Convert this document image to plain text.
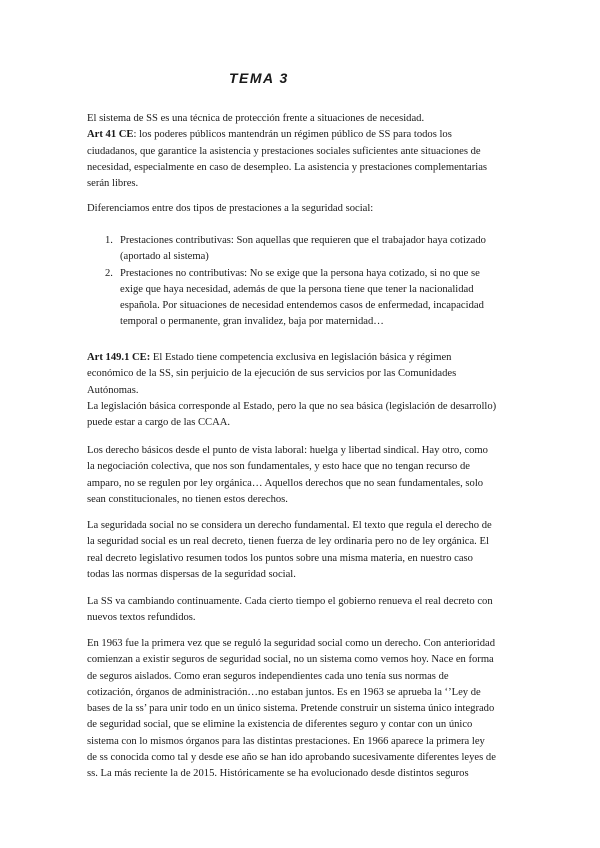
TEMA 3
El sistema de SS es una técnica de protección frente a situaciones de necesidad.
Art 41 CE: los poderes públicos mantendrán un régimen público de SS para todos los
ciudadanos, que garantice la asistencia y prestaciones sociales suficientes ante situaciones de
necesidad, especialmente en caso de desempleo. La asistencia y prestaciones complementarias
serán libres.
Diferenciamos entre dos tipos de prestaciones a la seguridad social:
1. Prestaciones contributivas: Son aquellas que requieren que el trabajador haya cotizado
(aportado al sistema)
2. Prestaciones no contributivas: No se exige que la persona haya cotizado, si no que se
exige que haya necesidad, además de que la persona tiene que tener la nacionalidad
española. Por situaciones de necesidad entendemos casos de enfermedad, incapacidad
temporal o permanente, gran invalidez, baja por maternidad…
Art 149.1 CE: El Estado tiene competencia exclusiva en legislación básica y régimen
económico de la SS, sin perjuicio de la ejecución de sus servicios por las Comunidades
Autónomas.
La legislación básica corresponde al Estado, pero la que no sea básica (legislación de desarrollo)
puede estar a cargo de las CCAA.
Los derecho básicos desde el punto de vista laboral: huelga y libertad sindical. Hay otro, como
la negociación colectiva, que nos son fundamentales, y esto hace que no tengan recurso de
amparo, no se regulen por ley orgánica… Aquellos derechos que no sean fundamentales, solo
sean constitucionales, no tienen estos derechos.
La seguridada social no se considera un derecho fundamental. El texto que regula el derecho de
la seguridad social es un real decreto, tienen fuerza de ley ordinaria pero no de ley orgánica. El
real decreto legislativo resumen todos los puntos sobre una misma materia, en nuestro caso
todas las normas dispersas de la seguridad social.
La SS va cambiando continuamente. Cada cierto tiempo el gobierno renueva el real decreto con
nuevos textos refundidos.
En 1963 fue la primera vez que se reguló la seguridad social como un derecho. Con anterioridad
comienzan a existir seguros de seguridad social, no un sistema como vemos hoy. Nace en forma
de seguros aislados. Como eran seguros independientes cada uno tenía sus normas de
cotización, órganos de administración…no estaban juntos. Es en 1963 se aprueba la ‘’Ley de
bases de la ss’ para unir todo en un único sistema. Pretende construir un sistema único integrado
de seguridad social, que se elimine la existencia de diferentes seguro y contar con un único
sistema con lo mismos órganos para las distintas prestaciones. En 1966 aparece la primera ley
de ss conocida como tal y desde ese año se han ido aprobando sucesivamente diferentes leyes de
ss. La más reciente la de 2015. Históricamente se ha evolucionado desde distintos seguros
